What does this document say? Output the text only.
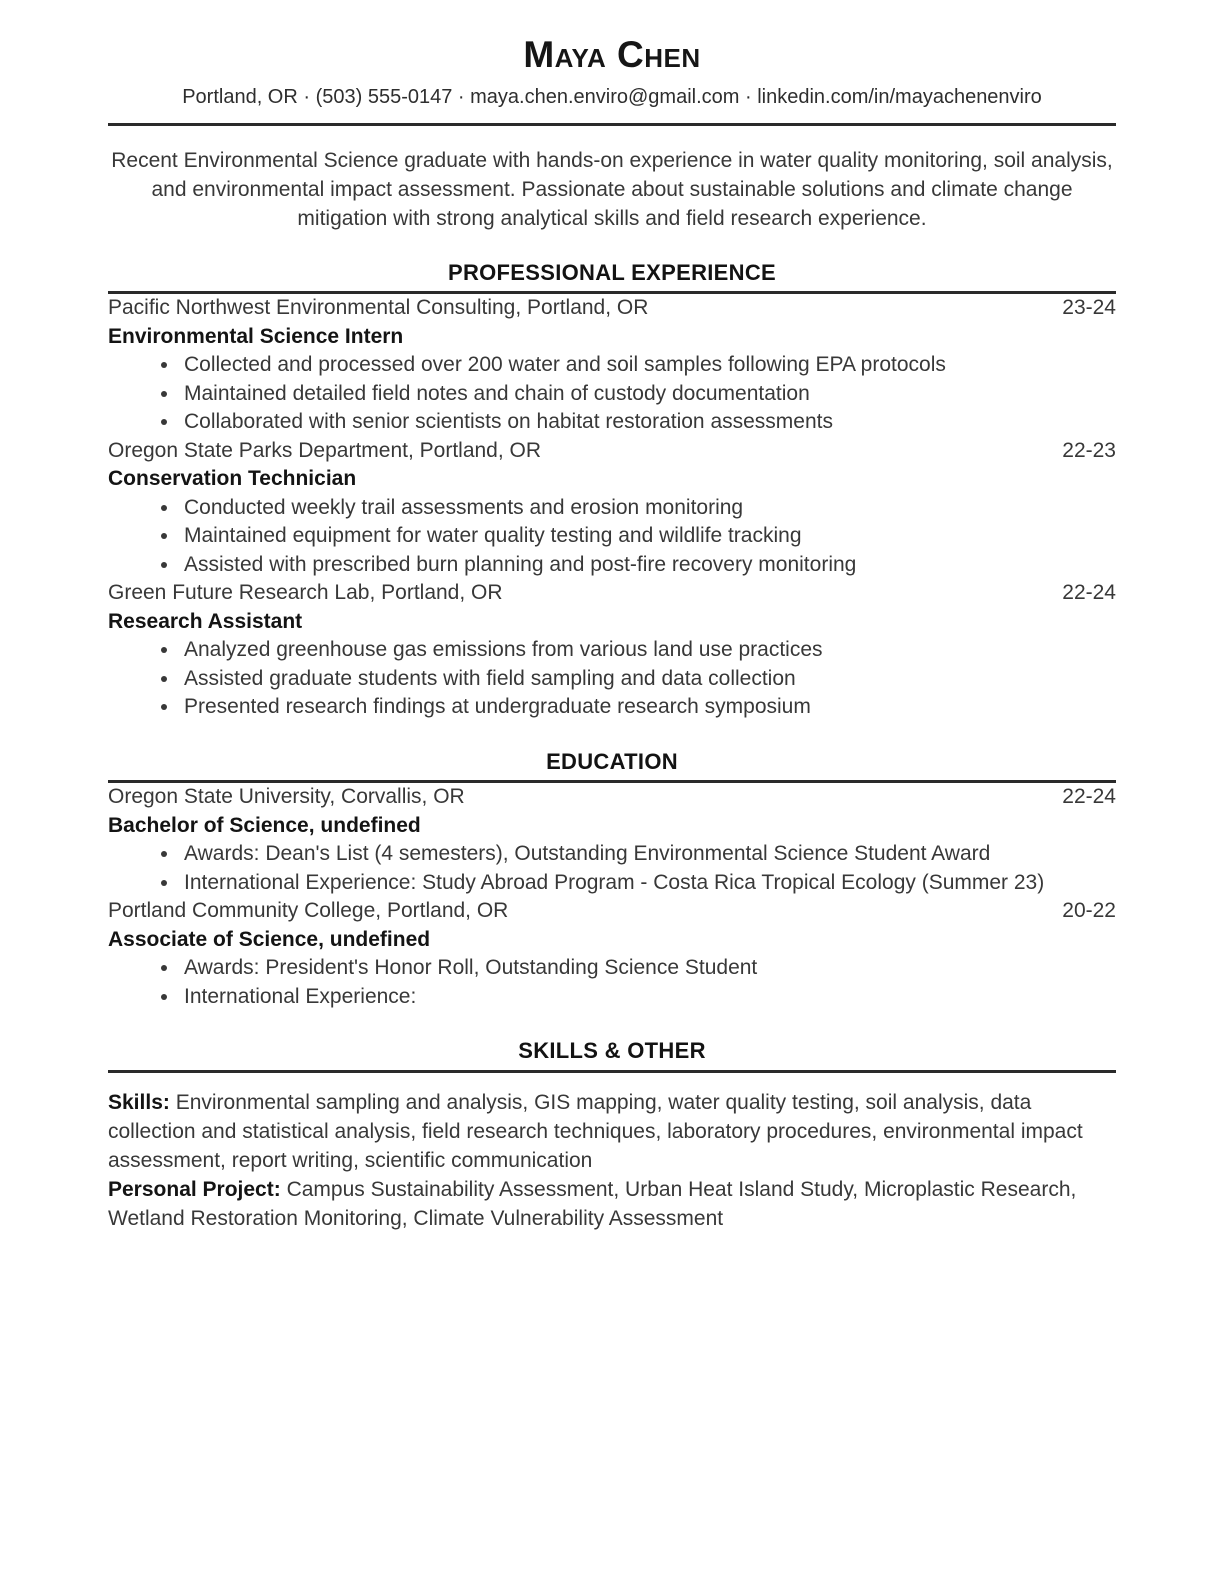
Maya Chen
Portland, OR · (503) 555-0147 · maya.chen.enviro@gmail.com · linkedin.com/in/mayachenenviro

Recent Environmental Science graduate with hands-on experience in water quality monitoring, soil analysis, and environmental impact assessment. Passionate about sustainable solutions and climate change mitigation with strong analytical skills and field research experience.

PROFESSIONAL EXPERIENCE
Pacific Northwest Environmental Consulting, Portland, OR	23-24
Environmental Science Intern
• Collected and processed over 200 water and soil samples following EPA protocols
• Maintained detailed field notes and chain of custody documentation
• Collaborated with senior scientists on habitat restoration assessments
Oregon State Parks Department, Portland, OR	22-23
Conservation Technician
• Conducted weekly trail assessments and erosion monitoring
• Maintained equipment for water quality testing and wildlife tracking
• Assisted with prescribed burn planning and post-fire recovery monitoring
Green Future Research Lab, Portland, OR	22-24
Research Assistant
• Analyzed greenhouse gas emissions from various land use practices
• Assisted graduate students with field sampling and data collection
• Presented research findings at undergraduate research symposium
EDUCATION
Oregon State University, Corvallis, OR	22-24
Bachelor of Science, undefined
• Awards: Dean's List (4 semesters), Outstanding Environmental Science Student Award
• International Experience: Study Abroad Program - Costa Rica Tropical Ecology (Summer 23)
Portland Community College, Portland, OR	20-22
Associate of Science, undefined
• Awards: President's Honor Roll, Outstanding Science Student
• International Experience:
SKILLS & OTHER

Skills: Environmental sampling and analysis, GIS mapping, water quality testing, soil analysis, data collection and statistical analysis, field research techniques, laboratory procedures, environmental impact assessment, report writing, scientific communication

Personal Project: Campus Sustainability Assessment, Urban Heat Island Study, Microplastic Research, Wetland Restoration Monitoring, Climate Vulnerability Assessment
